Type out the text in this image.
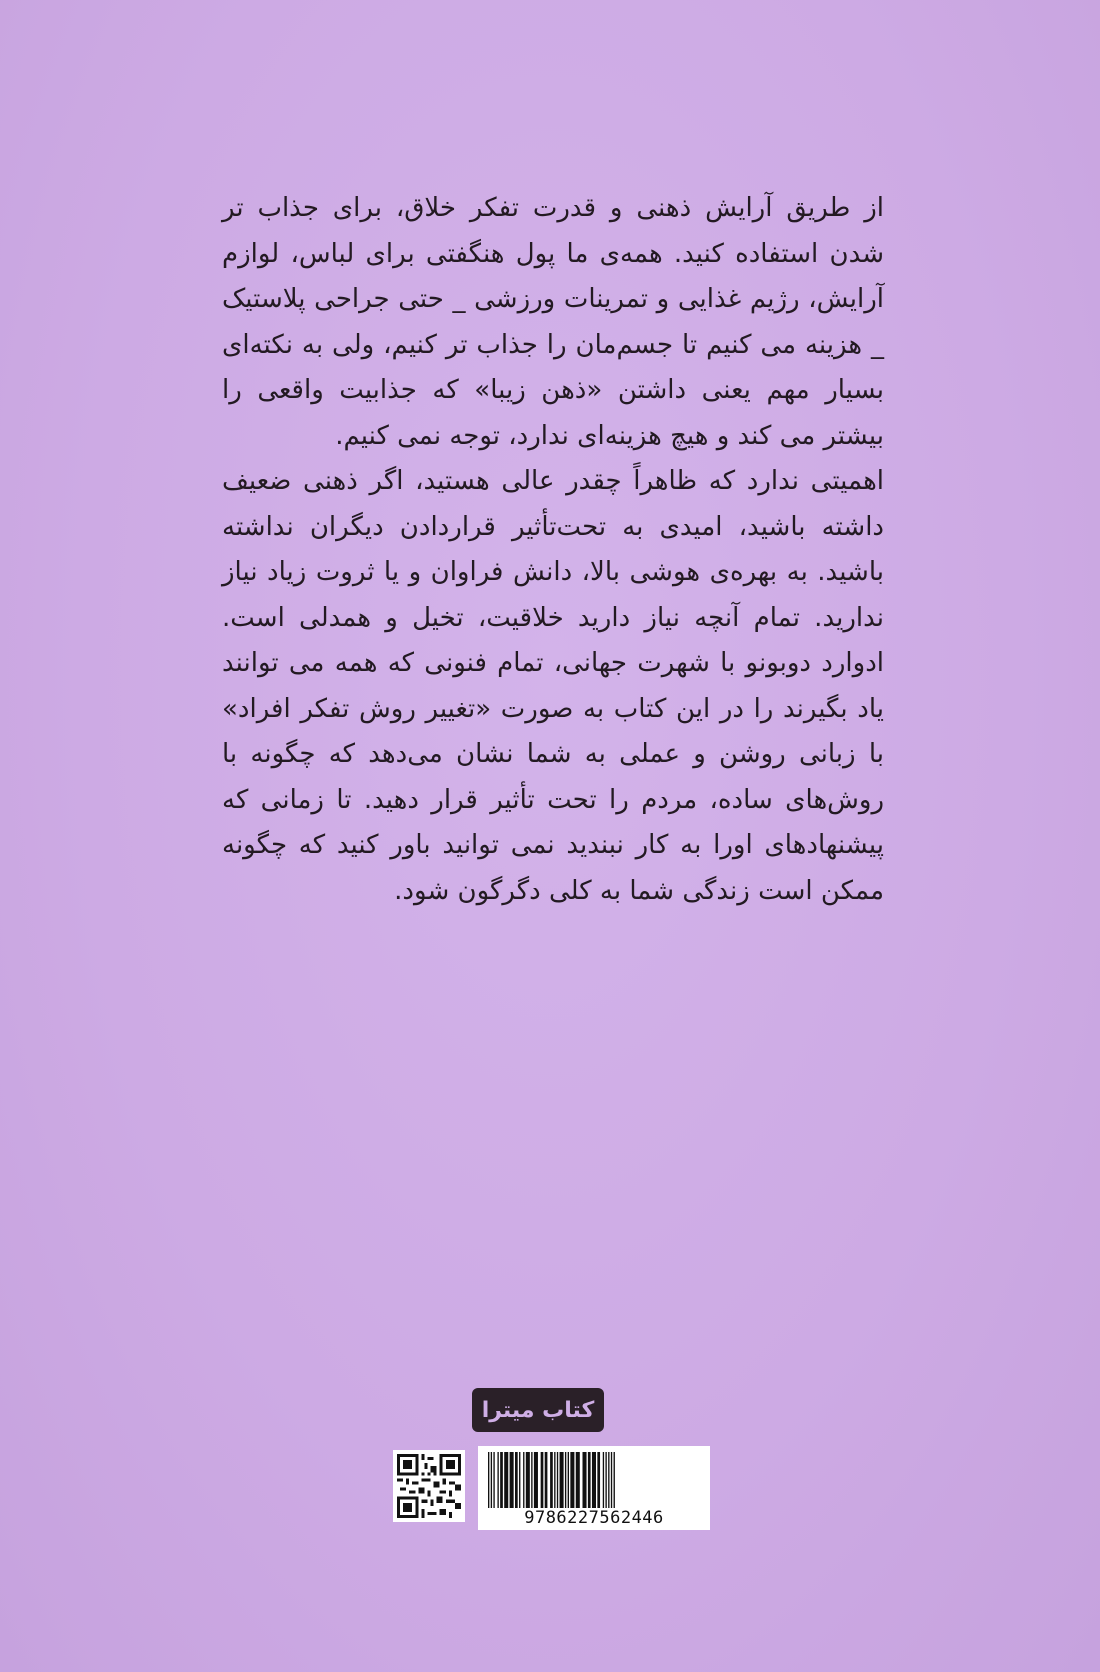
از طریق آرایش ذهنی و قدرت تفکر خلاق، برای جذاب تر شدن استفاده کنید. همه‌ی ما پول هنگفتی برای لباس، لوازم آرایش، رژیم غذایی و تمرینات ورزشی _ حتی جراحی پلاستیک _ هزینه می کنیم تا جسم‌مان را جذاب تر کنیم، ولی به نکته‌ای بسیار مهم یعنی داشتن «ذهن زیبا» که جذابیت واقعی را بیشتر می کند و هیچ هزینه‌ای ندارد، توجه نمی کنیم.

اهمیتی ندارد که ظاهراً چقدر عالی هستید، اگر ذهنی ضعیف داشته باشید، امیدی به تحت‌تأثیر قراردادن دیگران نداشته باشید. به بهره‌ی هوشی بالا، دانش فراوان و یا ثروت زیاد نیاز ندارید. تمام آنچه نیاز دارید خلاقیت، تخیل و همدلی است. ادوارد دوبونو با شهرت جهانی، تمام فنونی که همه می توانند یاد بگیرند را در این کتاب به صورت «تغییر روش تفکر افراد» با زبانی روشن و عملی به شما نشان می‌دهد که چگونه با روش‌های ساده، مردم را تحت تأثیر قرار دهید. تا زمانی که پیشنهادهای اورا به کار نبندید نمی توانید باور کنید که چگونه ممکن است زندگی شما به کلی دگرگون شود.

کتاب میترا
9786227562446
